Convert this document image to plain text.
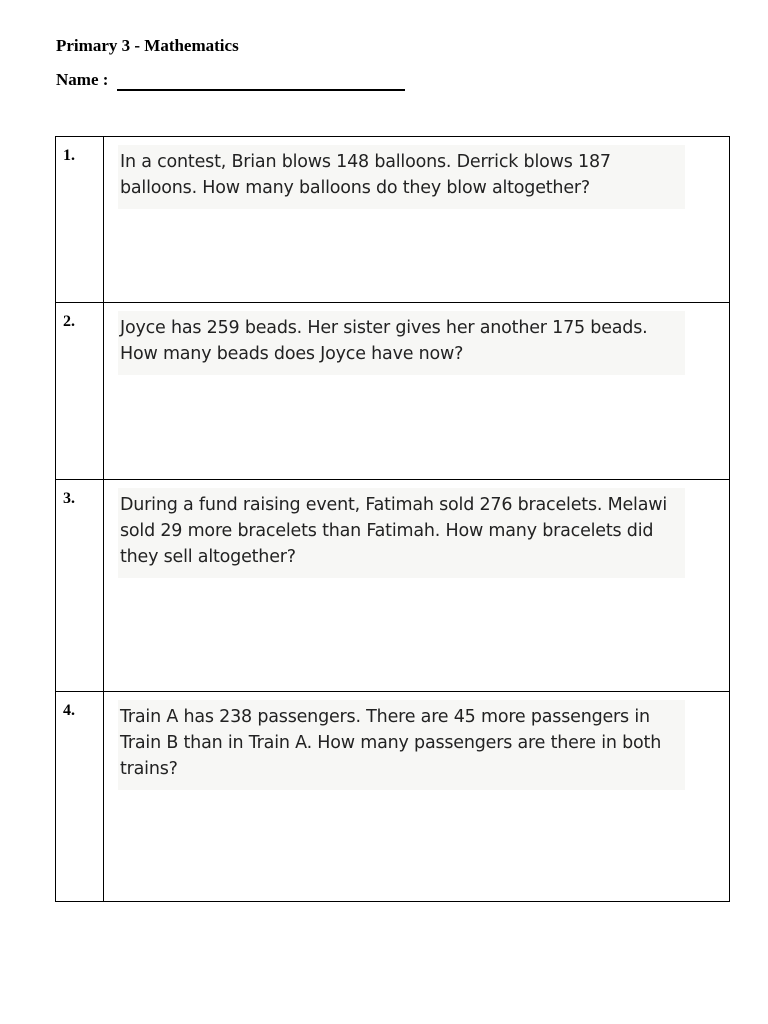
Primary 3 - Mathematics
Name :
1.	In a contest, Brian blows 148 balloons. Derrick blows 187 balloons. How many balloons do they blow altogether?

2.	Joyce has 259 beads. Her sister gives her another 175 beads. How many beads does Joyce have now?

3.	During a fund raising event, Fatimah sold 276 bracelets. Melawi sold 29 more bracelets than Fatimah. How many bracelets did they sell altogether?

4.	Train A has 238 passengers. There are 45 more passengers in Train B than in Train A. How many passengers are there in both trains?
